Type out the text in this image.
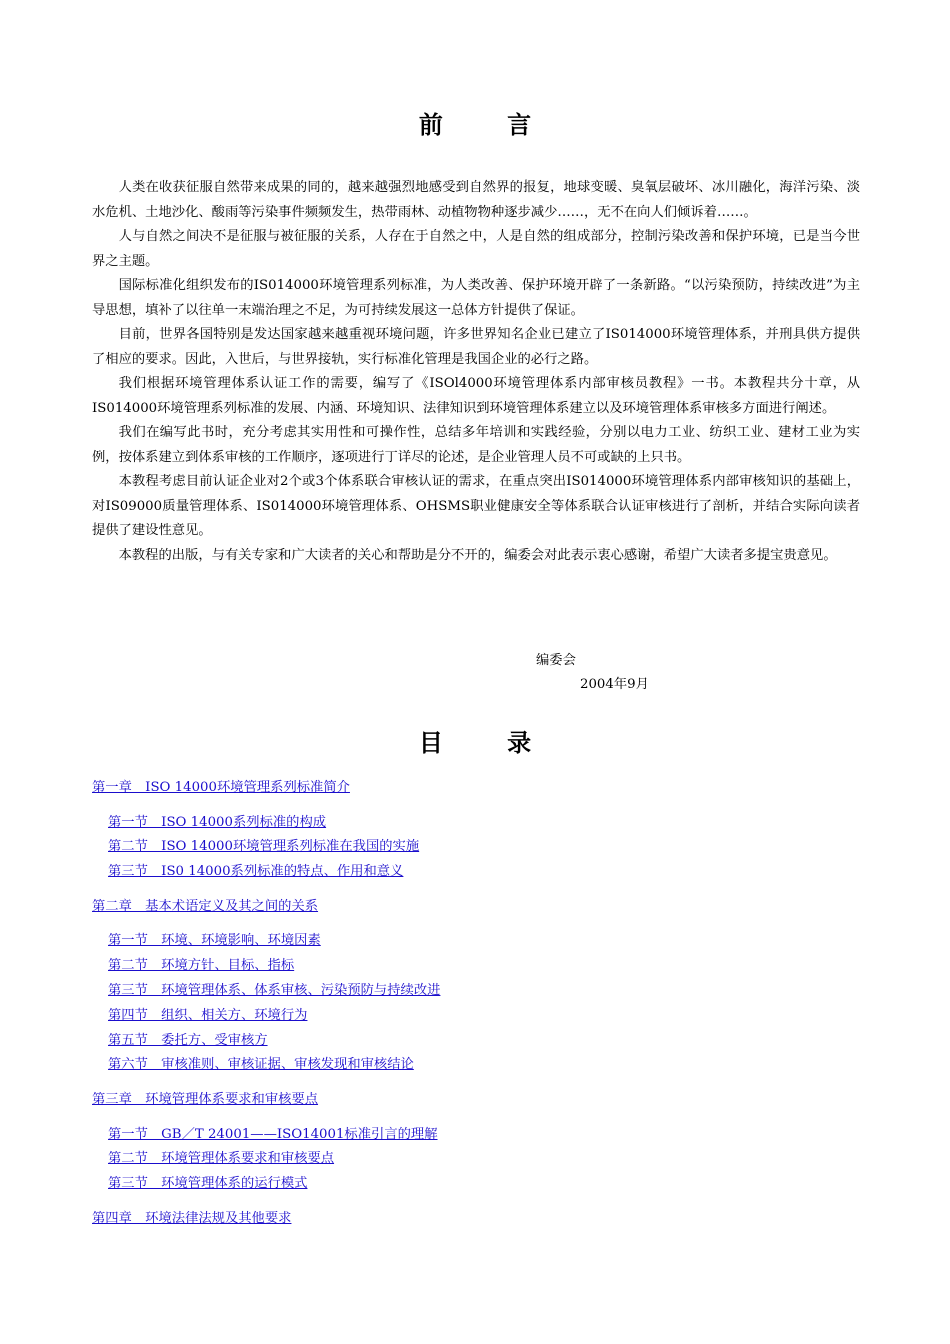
前 言

人类在收获征服自然带来成果的同的，越来越强烈地感受到自然界的报复，地球变暖、臭氧层破坏、冰川融化，海洋污染、淡水危机、土地沙化、酸雨等污染事件频频发生，热带雨林、动植物物种逐步减少……，无不在向人们倾诉着……。

人与自然之间决不是征服与被征服的关系，人存在于自然之中，人是自然的组成部分，控制污染改善和保护环境，已是当今世界之主题。

国际标准化组织发布的IS014000环境管理系列标准，为人类改善、保护环境开辟了一条新路。“以污染预防，持续改进”为主导思想，填补了以往单一末端治理之不足，为可持续发展这一总体方针提供了保证。

目前，世界各国特别是发达国家越来越重视环境问题，许多世界知名企业已建立了IS014000环境管理体系，并刑具供方提供了相应的要求。因此，入世后，与世界接轨，实行标准化管理是我国企业的必行之路。

我们根据环境管理体系认证工作的需要，编写了《ISOl4000环境管理体系内部审核员教程》一书。本教程共分十章，从IS014000环境管理系列标准的发展、内涵、环境知识、法律知识到环境管理体系建立以及环境管理体系审核多方面进行阐述。

我们在编写此书时，充分考虑其实用性和可操作性，总结多年培训和实践经验，分别以电力工业、纺织工业、建材工业为实例，按体系建立到体系审核的工作顺序，逐项进行丁详尽的论述，是企业管理人员不可或缺的上只书。

本教程考虑目前认证企业对2个或3个体系联合审核认证的需求，在重点突出IS014000环境管理体系内部审核知识的基础上，对IS09000质量管理体系、IS014000环境管理体系、OHSMS职业健康安全等体系联合认证审核进行了剖析，并结合实际向读者提供了建设性意见。

本教程的出版，与有关专家和广大读者的关心和帮助是分不开的，编委会对此表示衷心感谢，希望广大读者多提宝贵意见。

编委会
2004年9月
目 录
第一章　ISO 14000环境管理系列标准简介
第一节　ISO 14000系列标准的构成
第二节　ISO 14000环境管理系列标准在我国的实施
第三节　IS0 14000系列标准的特点、作用和意义
第二章　基本术语定义及其之间的关系
第一节　环境、环境影响、环境因素
第二节　环境方针、目标、指标
第三节　环境管理体系、体系审核、污染预防与持续改进
第四节　组织、相关方、环境行为
第五节　委托方、受审核方
第六节　审核准则、审核证据、审核发现和审核结论
第三章　环境管理体系要求和审核要点
第一节　GB／T 24001——ISO14001标准引言的理解
第二节　环境管理体系要求和审核要点
第三节　环境管理体系的运行模式
第四章　环境法律法规及其他要求
